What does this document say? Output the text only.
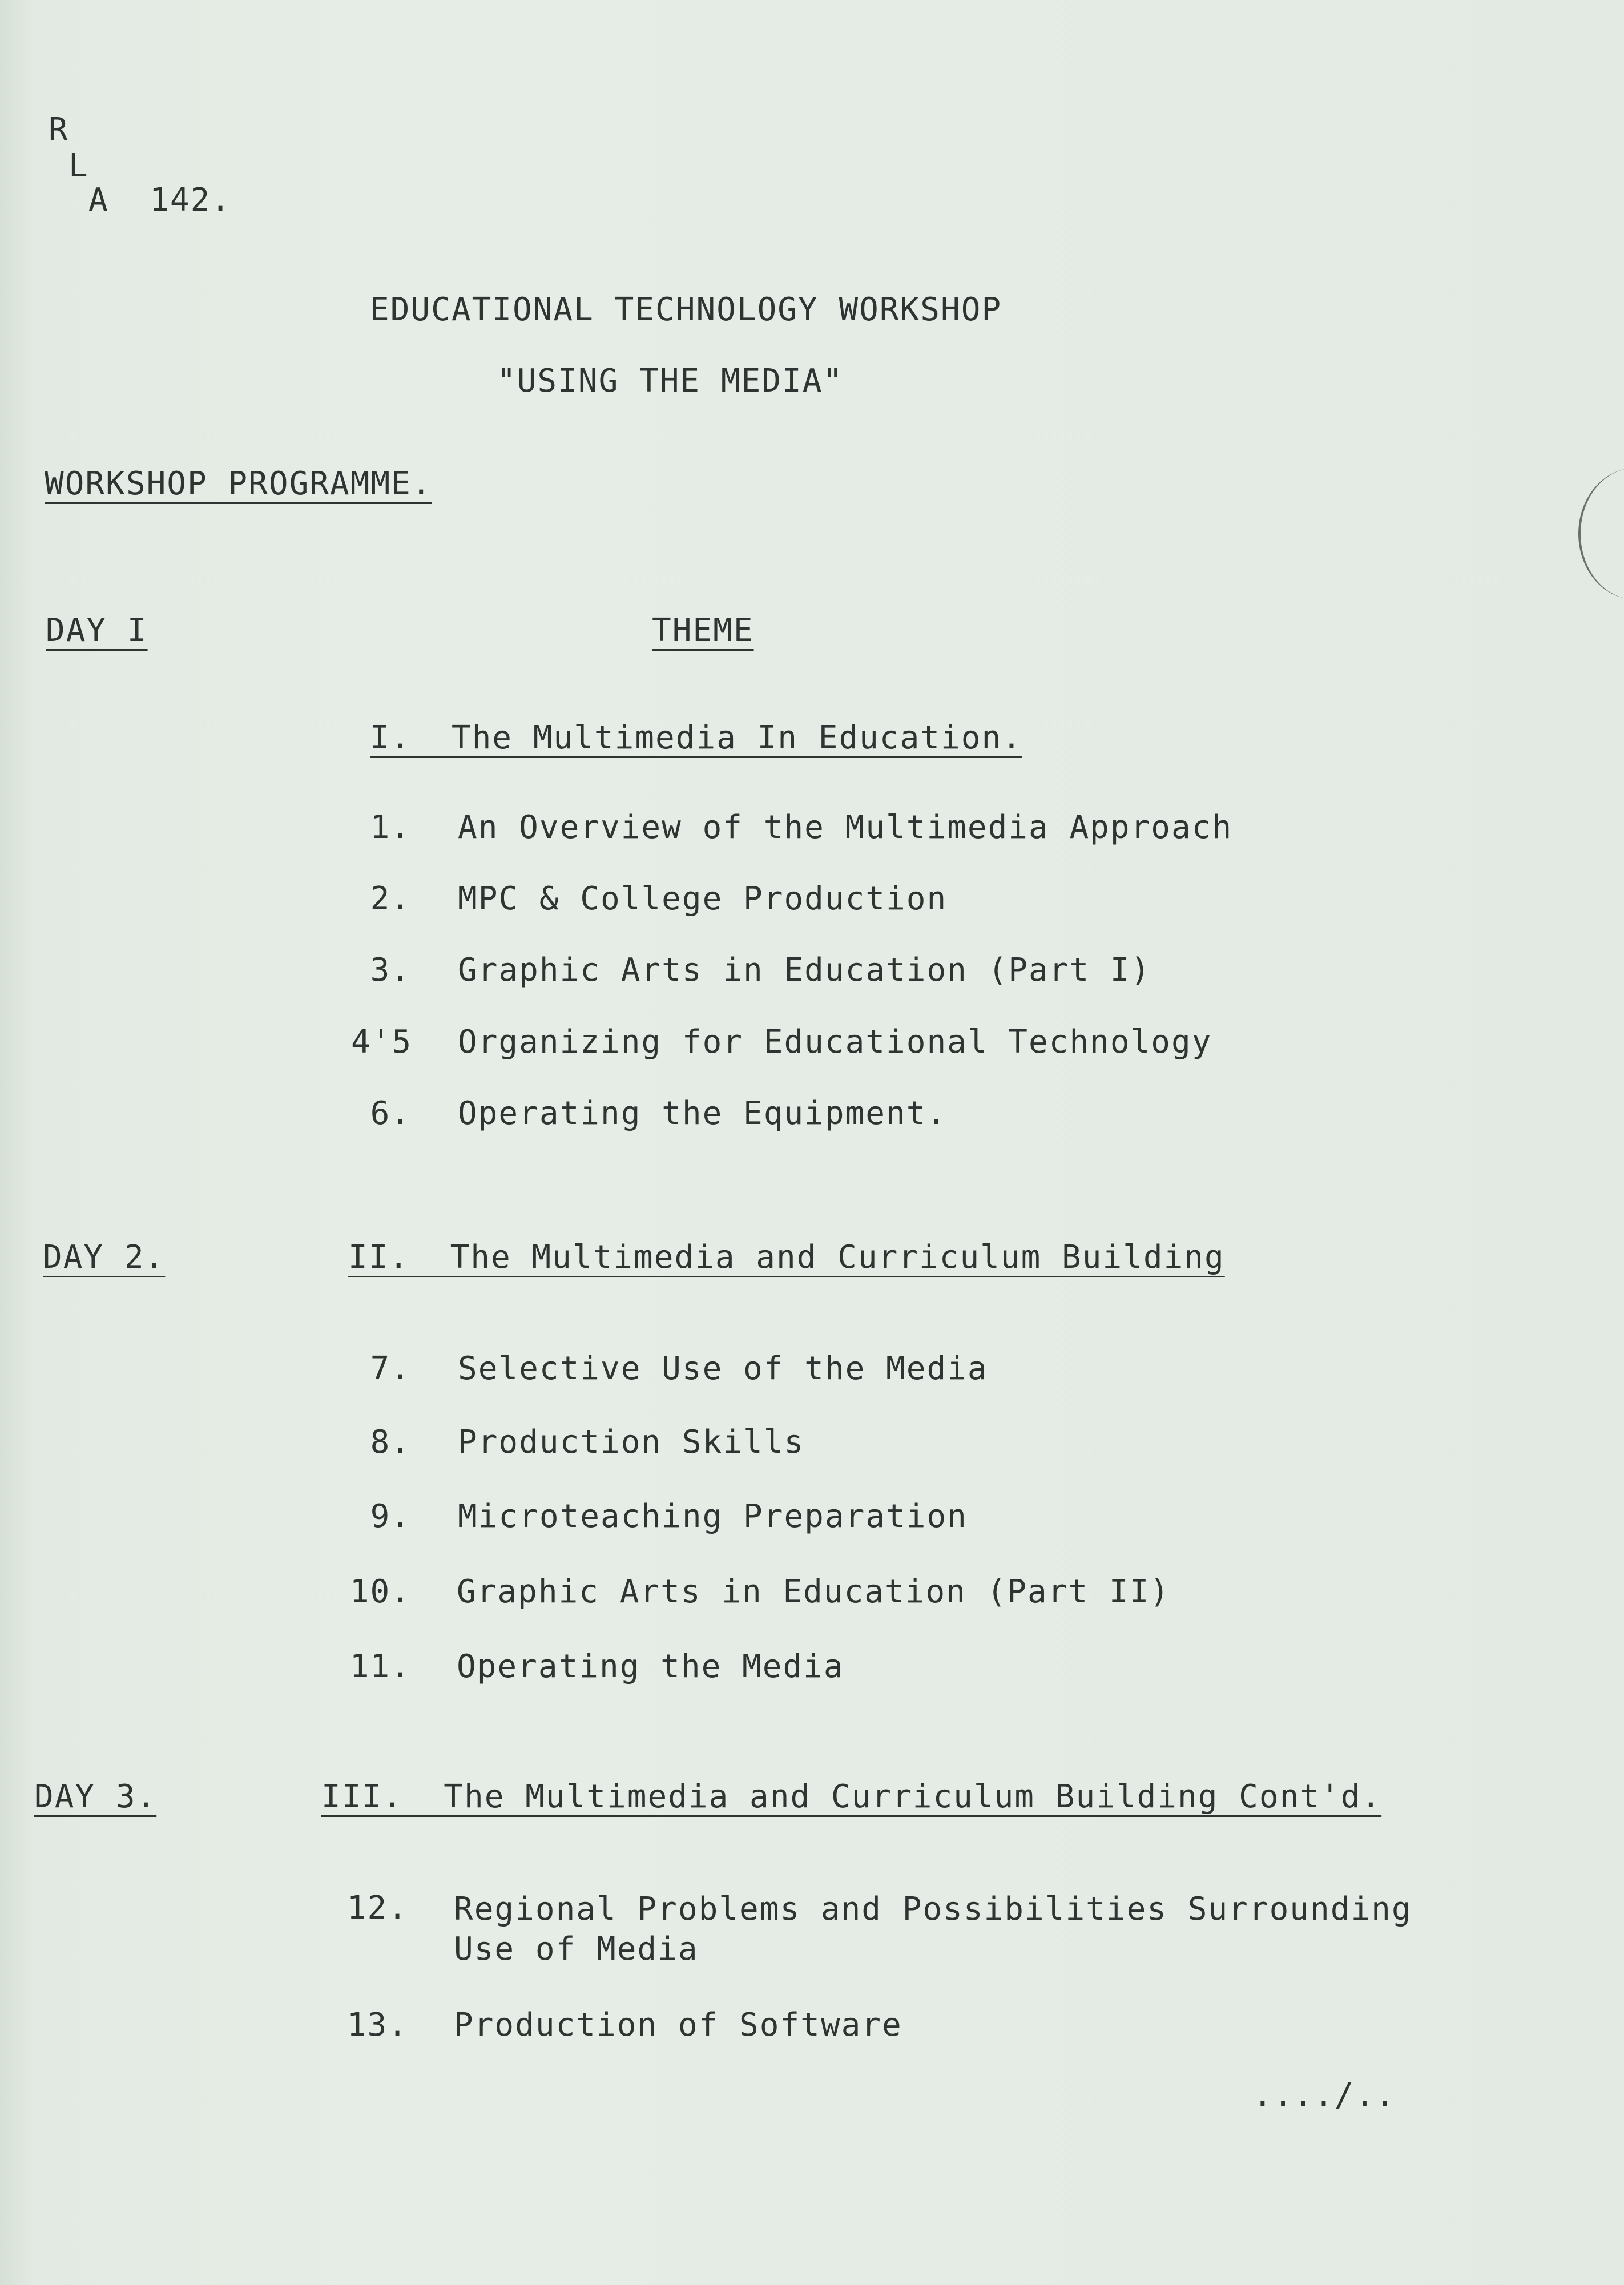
R
L
A  142.
EDUCATIONAL TECHNOLOGY WORKSHOP
"USING THE MEDIA"
WORKSHOP PROGRAMME.
DAY I	THEME
I.  The Multimedia In Education.
1. An Overview of the Multimedia Approach
2. MPC & College Production
3. Graphic Arts in Education (Part I)
4'5	Organizing for Educational Technology
6. Operating the Equipment.
DAY 2.	II.  The Multimedia and Curriculum Building
7. Selective Use of the Media
8. Production Skills
9. Microteaching Preparation
10. Graphic Arts in Education (Part II)
11. Operating the Media
DAY 3.	III.  The Multimedia and Curriculum Building Cont'd.
12. Regional Problems and Possibilities Surrounding
Use of Media
13. Production of Software
..../..
